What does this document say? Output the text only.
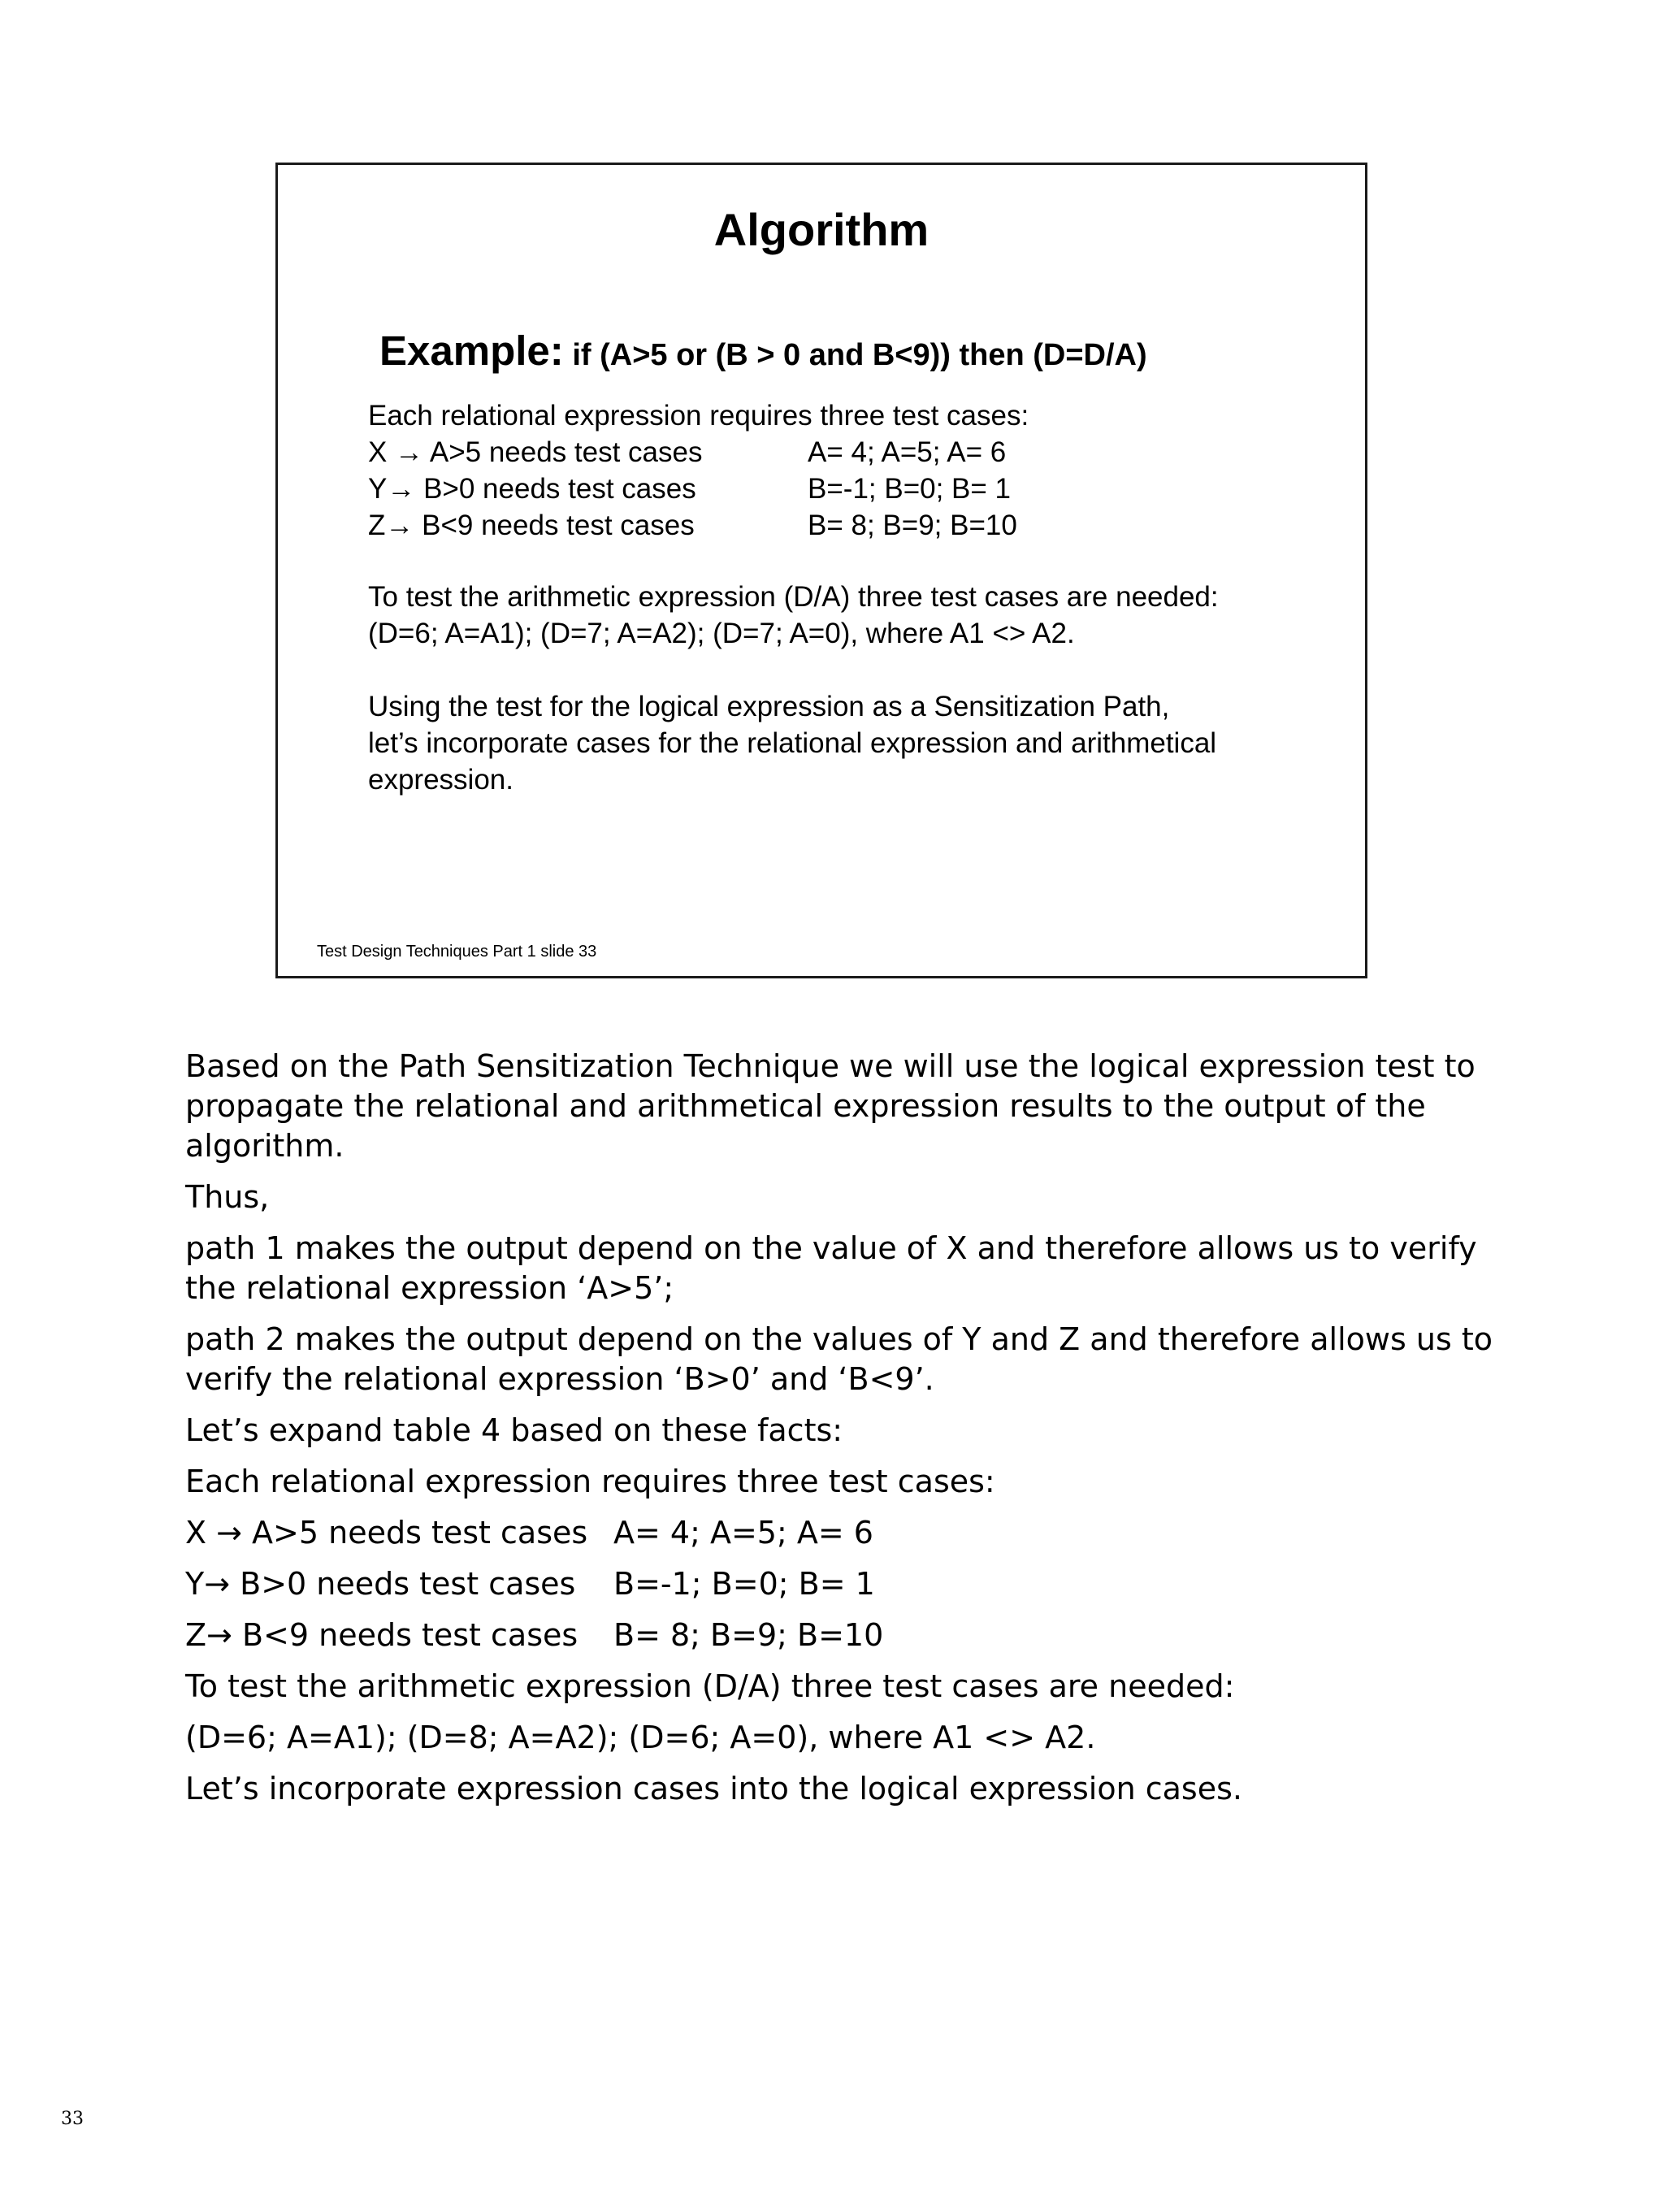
Algorithm
Example: if (A>5 or (B > 0 and B<9)) then (D=D/A)
Each relational expression requires three test cases:
X → A>5 needs test cases	A= 4; A=5; A= 6
Y→ B>0 needs test cases	B=-1; B=0; B= 1
Z→ B<9 needs test cases	B= 8; B=9; B=10
To test the arithmetic expression (D/A) three test cases are needed:
(D=6; A=A1); (D=7; A=A2); (D=7; A=0), where A1 <> A2.
Using the test for the logical expression as a Sensitization Path,
let’s incorporate cases for the relational expression and arithmetical
expression.
Test Design Techniques Part 1 slide 33

Based on the Path Sensitization Technique we will use the logical expression test to
propagate the relational and arithmetical expression results to the output of the
algorithm.

Thus,

path 1 makes the output depend on the value of X and therefore allows us to verify
the relational expression ‘A>5’;

path 2 makes the output depend on the values of Y and Z and therefore allows us to
verify the relational expression ‘B>0’ and ‘B<9’.

Let’s expand table 4 based on these facts:

Each relational expression requires three test cases:

X → A>5 needs test cases A= 4; A=5; A= 6
Y→ B>0 needs test cases B=-1; B=0; B= 1
Z→ B<9 needs test cases B= 8; B=9; B=10

To test the arithmetic expression (D/A) three test cases are needed:

(D=6; A=A1); (D=8; A=A2); (D=6; A=0), where A1 <> A2.

Let’s incorporate expression cases into the logical expression cases.

33
